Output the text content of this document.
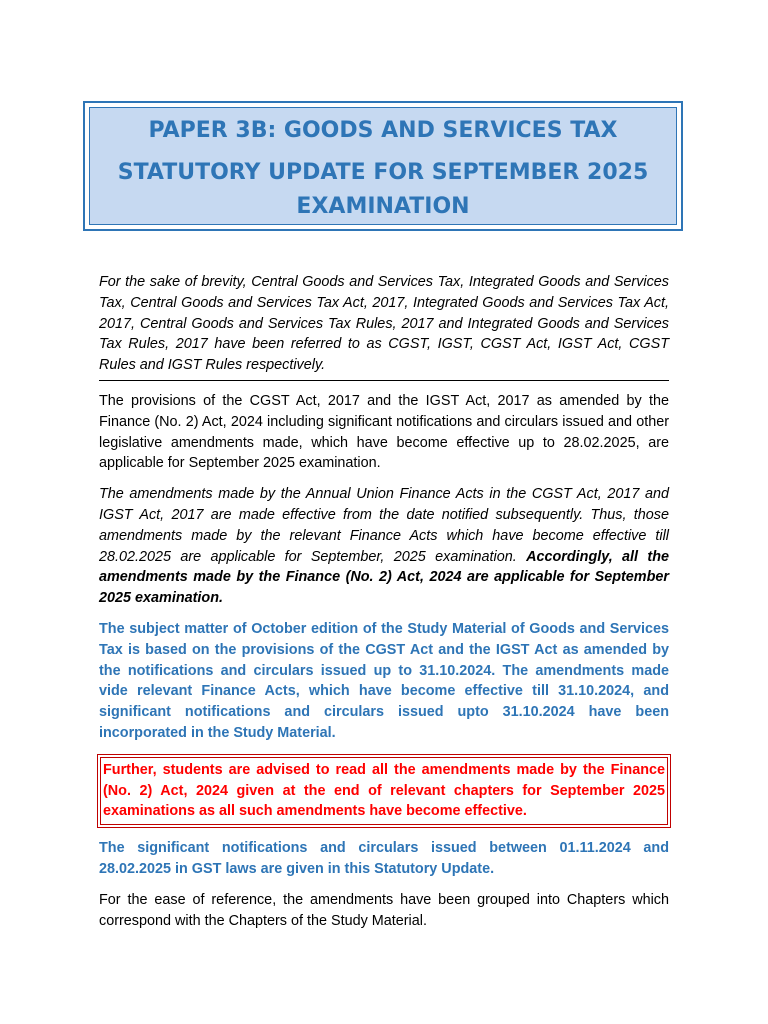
PAPER 3B: GOODS AND SERVICES TAX
STATUTORY UPDATE FOR SEPTEMBER 2025
EXAMINATION

For the sake of brevity, Central Goods and Services Tax, Integrated Goods and Services Tax, Central Goods and Services Tax Act, 2017, Integrated Goods and Services Tax Act, 2017, Central Goods and Services Tax Rules, 2017 and Integrated Goods and Services Tax Rules, 2017 have been referred to as CGST, IGST, CGST Act, IGST Act, CGST Rules and IGST Rules respectively.

The provisions of the CGST Act, 2017 and the IGST Act, 2017 as amended by the Finance (No. 2) Act, 2024 including significant notifications and circulars issued and other legislative amendments made, which have become effective up to 28.02.2025, are applicable for September 2025 examination.

The amendments made by the Annual Union Finance Acts in the CGST Act, 2017 and IGST Act, 2017 are made effective from the date notified subsequently. Thus, those amendments made by the relevant Finance Acts which have become effective till 28.02.2025 are applicable for September, 2025 examination. Accordingly, all the amendments made by the Finance (No. 2) Act, 2024 are applicable for September 2025 examination.

The subject matter of October edition of the Study Material of Goods and Services Tax is based on the provisions of the CGST Act and the IGST Act as amended by the notifications and circulars issued up to 31.10.2024. The amendments made vide relevant Finance Acts, which have become effective till 31.10.2024, and significant notifications and circulars issued upto 31.10.2024 have been incorporated in the Study Material.

Further, students are advised to read all the amendments made by the Finance (No. 2) Act, 2024 given at the end of relevant chapters for September 2025 examinations as all such amendments have become effective.

The significant notifications and circulars issued between 01.11.2024 and 28.02.2025 in GST laws are given in this Statutory Update.

For the ease of reference, the amendments have been grouped into Chapters which correspond with the Chapters of the Study Material.
